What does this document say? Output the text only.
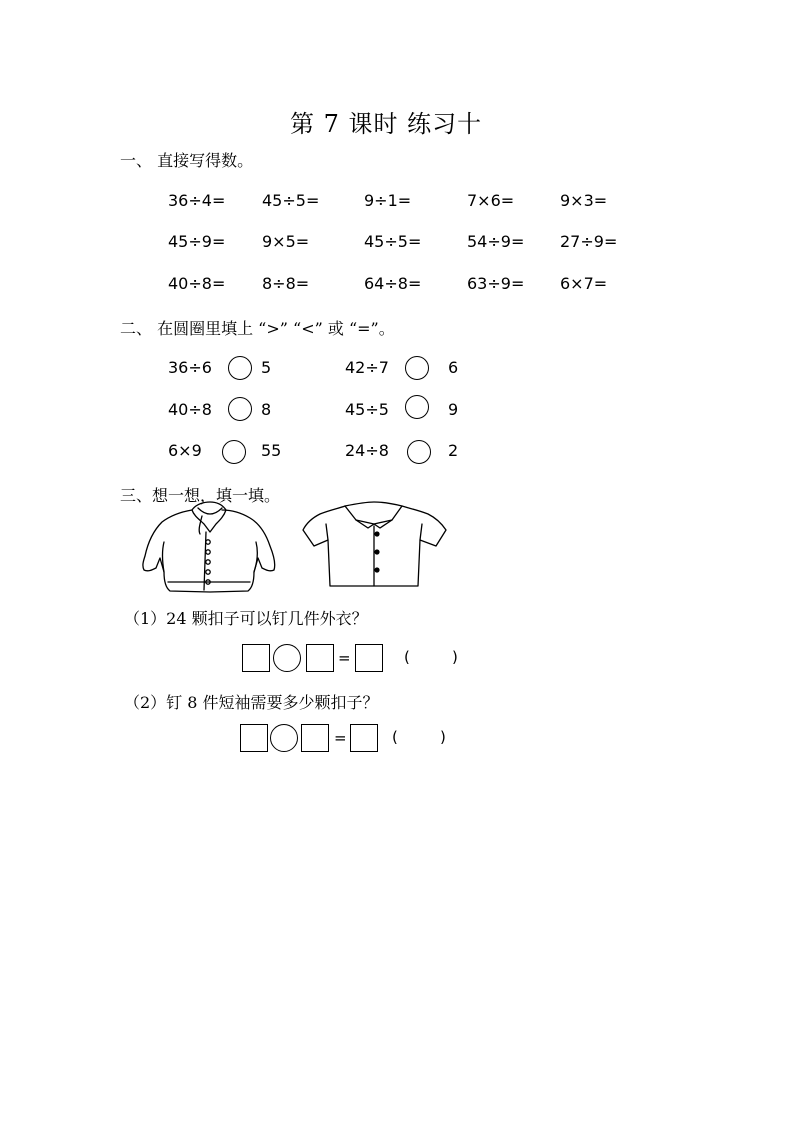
第 7 课时 练习十
一、 直接写得数。
36÷4= 45÷5=	9÷1=	7×6=	9×3=
45÷9= 9×5=	45÷5=	54÷9= 27÷9=
40÷8= 8÷8=	64÷8=	63÷9= 6×7=
二、 在圆圈里填上 “>” “<” 或 “=”。
36÷6	5	42÷7	6
40÷8	8	45÷5	9
6×9	55	24÷8	2
三、想一想，填一填。
（1）24 颗扣子可以钉几件外衣？
=	(	)
（2）钉 8 件短袖需要多少颗扣子？
=	(	)
